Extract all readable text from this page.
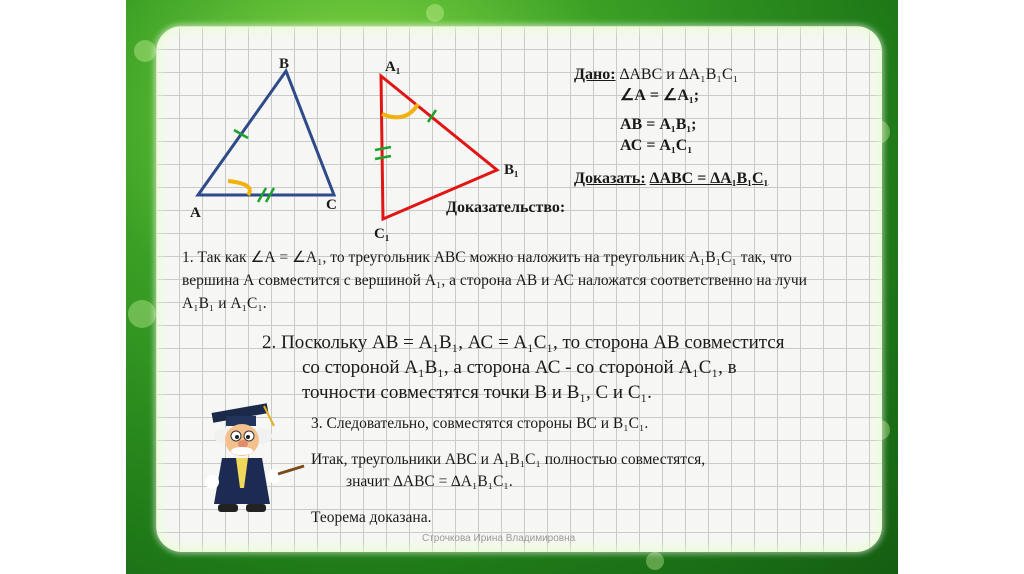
B
A	C
A₁
B₁
C₁
Дано: ∆АВС и ∆А₁В₁С₁
∠А = ∠А₁;
АВ = А₁В₁;
АС = А₁С₁
Доказать: ∆АВС = ∆А₁В₁С₁
Доказательство:
1. Так как ∠А = ∠А₁, то треугольник АВС можно наложить на треугольник А₁В₁С₁ так, что вершина А совместится с вершиной А₁, а сторона АВ и АС наложатся соответственно на лучи А₁В₁ и А₁С₁.
2. Поскольку АВ = А₁В₁, АС = А₁С₁, то сторона АВ совместится
со стороной А₁В₁, а сторона АС - со стороной А₁С₁, в
точности совместятся точки В и В₁, С и С₁.
3. Следовательно, совместятся стороны ВС и В₁С₁.
Итак, треугольники АВС и А₁В₁С₁ полностью совместятся,
значит ∆АВС = ∆А₁В₁С₁.
Теорема доказана.
Строчкова Ирина Владимировна
